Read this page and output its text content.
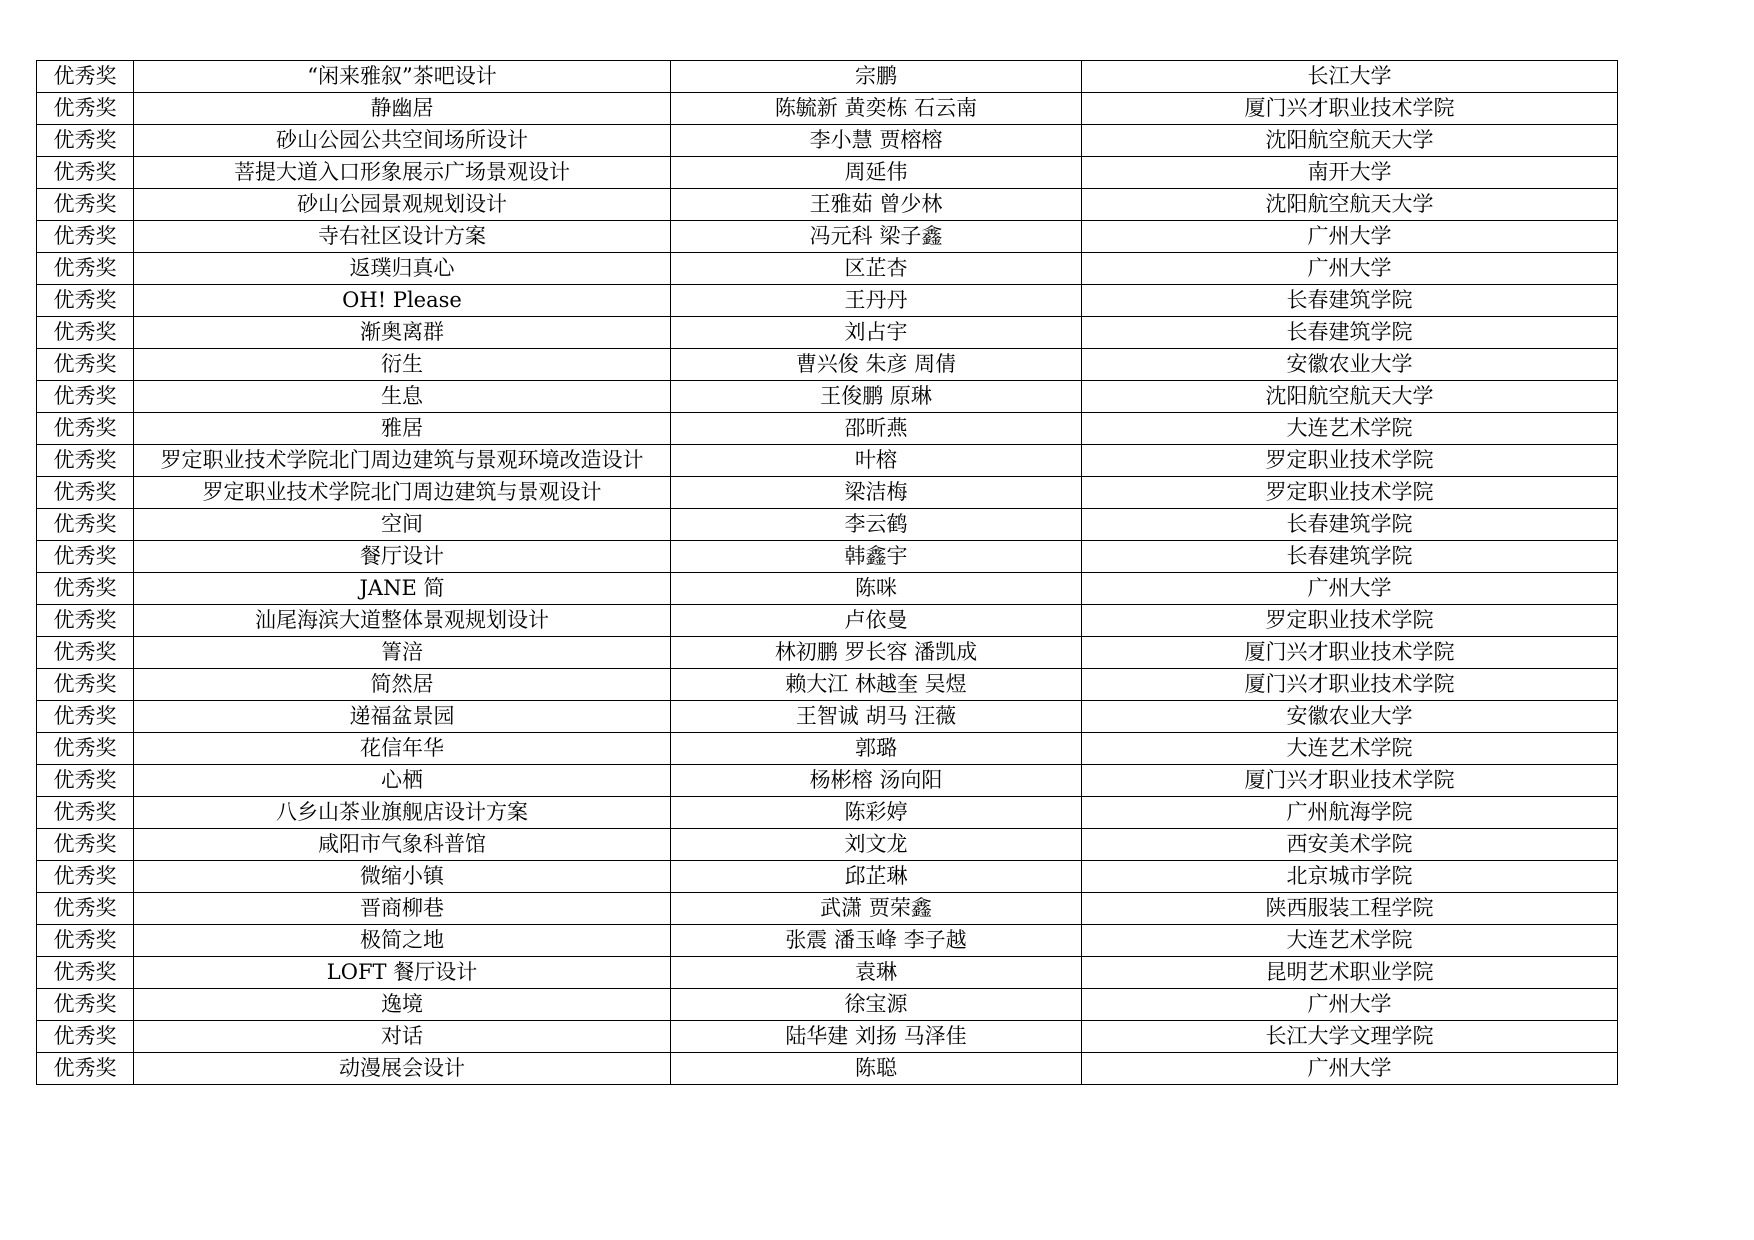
优秀奖	“闲来雅叙”茶吧设计	宗鹏	长江大学
优秀奖	静幽居	陈毓新 黄奕栋 石云南	厦门兴才职业技术学院
优秀奖	砂山公园公共空间场所设计	李小慧 贾榕榕	沈阳航空航天大学
优秀奖	菩提大道入口形象展示广场景观设计	周延伟	南开大学
优秀奖	砂山公园景观规划设计	王雅茹 曾少林	沈阳航空航天大学
优秀奖	寺右社区设计方案	冯元科 梁子鑫	广州大学
优秀奖	返璞归真心	区芷杏	广州大学
优秀奖	OH! Please	王丹丹	长春建筑学院
优秀奖	渐奥离群	刘占宇	长春建筑学院
优秀奖	衍生	曹兴俊 朱彦 周倩	安徽农业大学
优秀奖	生息	王俊鹏 原琳	沈阳航空航天大学
优秀奖	雅居	邵昕燕	大连艺术学院
优秀奖	罗定职业技术学院北门周边建筑与景观环境改造设计	叶榕	罗定职业技术学院
优秀奖	罗定职业技术学院北门周边建筑与景观设计	梁洁梅	罗定职业技术学院
优秀奖	空间	李云鹤	长春建筑学院
优秀奖	餐厅设计	韩鑫宇	长春建筑学院
优秀奖	JANE 简	陈咪	广州大学
优秀奖	汕尾海滨大道整体景观规划设计	卢依曼	罗定职业技术学院
优秀奖	箐涪	林初鹏 罗长容 潘凯成	厦门兴才职业技术学院
优秀奖	简然居	赖大江 林越奎 吴煜	厦门兴才职业技术学院
优秀奖	递福盆景园	王智诚 胡马 汪薇	安徽农业大学
优秀奖	花信年华	郭璐	大连艺术学院
优秀奖	心栖	杨彬榕 汤向阳	厦门兴才职业技术学院
优秀奖	八乡山茶业旗舰店设计方案	陈彩婷	广州航海学院
优秀奖	咸阳市气象科普馆	刘文龙	西安美术学院
优秀奖	微缩小镇	邱芷琳	北京城市学院
优秀奖	晋商柳巷	武潇 贾荣鑫	陕西服装工程学院
优秀奖	极简之地	张震 潘玉峰 李子越	大连艺术学院
优秀奖	LOFT 餐厅设计	袁琳	昆明艺术职业学院
优秀奖	逸境	徐宝源	广州大学
优秀奖	对话	陆华建 刘扬 马泽佳	长江大学文理学院
优秀奖	动漫展会设计	陈聪	广州大学
